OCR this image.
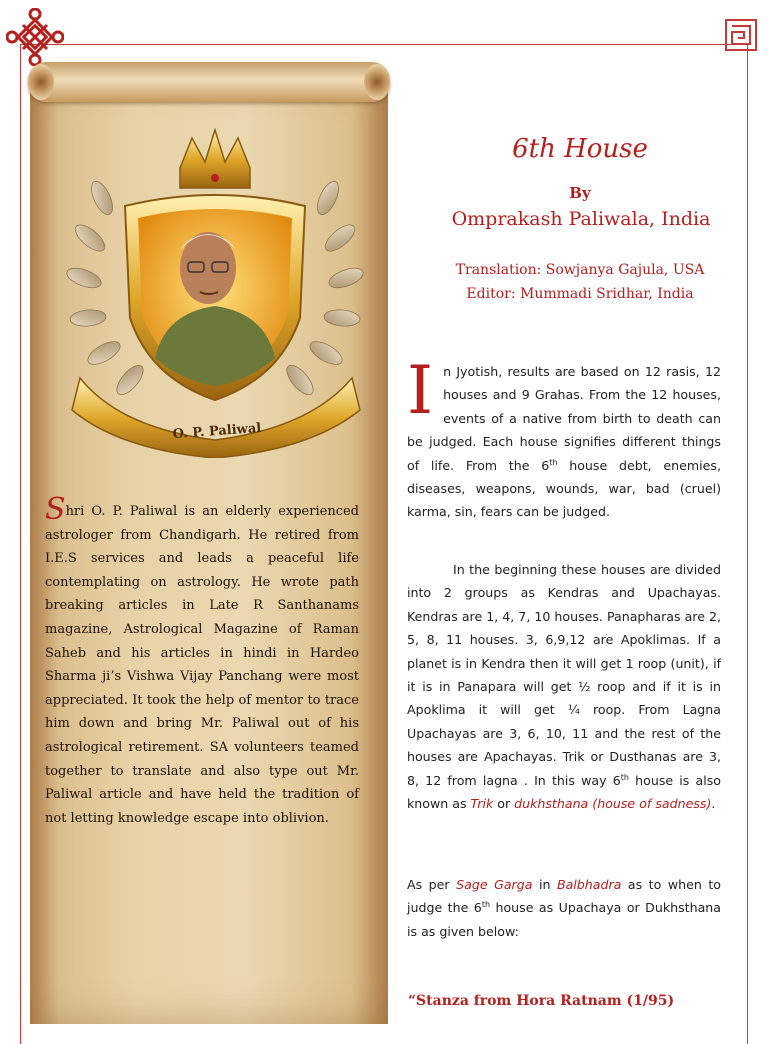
O. P. Paliwal
Shri O. P. Paliwal is an elderly experienced astrologer from Chandigarh. He retired from I.E.S services and leads a peaceful life contemplating on astrology. He wrote path breaking articles in Late R Santhanams magazine, Astrological Magazine of Raman Saheb and his articles in hindi in Hardeo Sharma ji’s Vishwa Vijay Panchang were most appreciated. It took the help of mentor to trace him down and bring Mr. Paliwal out of his astrological retirement. SA volunteers teamed together to translate and also type out Mr. Paliwal article and have held the tradition of not letting knowledge escape into oblivion.
6th House
By
Omprakash Paliwala, India
Translation: Sowjanya Gajula, USA
Editor: Mummadi Sridhar, India
In Jyotish, results are based on 12 rasis, 12 houses and 9 Grahas. From the 12 houses, events of a native from birth to death can be judged. Each house signifies different things of life. From the 6th house debt, enemies, diseases, weapons, wounds, war, bad (cruel) karma, sin, fears can be judged.
In the beginning these houses are divided into 2 groups as Kendras and Upachayas. Kendras are 1, 4, 7, 10 houses. Panapharas are 2, 5, 8, 11 houses. 3, 6,9,12 are Apoklimas. If a planet is in Kendra then it will get 1 roop (unit), if it is in Panapara will get ½ roop and if it is in Apoklima it will get ¼ roop. From Lagna Upachayas are 3, 6, 10, 11 and the rest of the houses are Apachayas. Trik or Dusthanas are 3, 8, 12 from lagna . In this way 6th house is also known as Trik or dukhsthana (house of sadness).
As per Sage Garga in Balbhadra as to when to judge the 6th house as Upachaya or Dukhsthana is as given below:
“Stanza from Hora Ratnam (1/95)
